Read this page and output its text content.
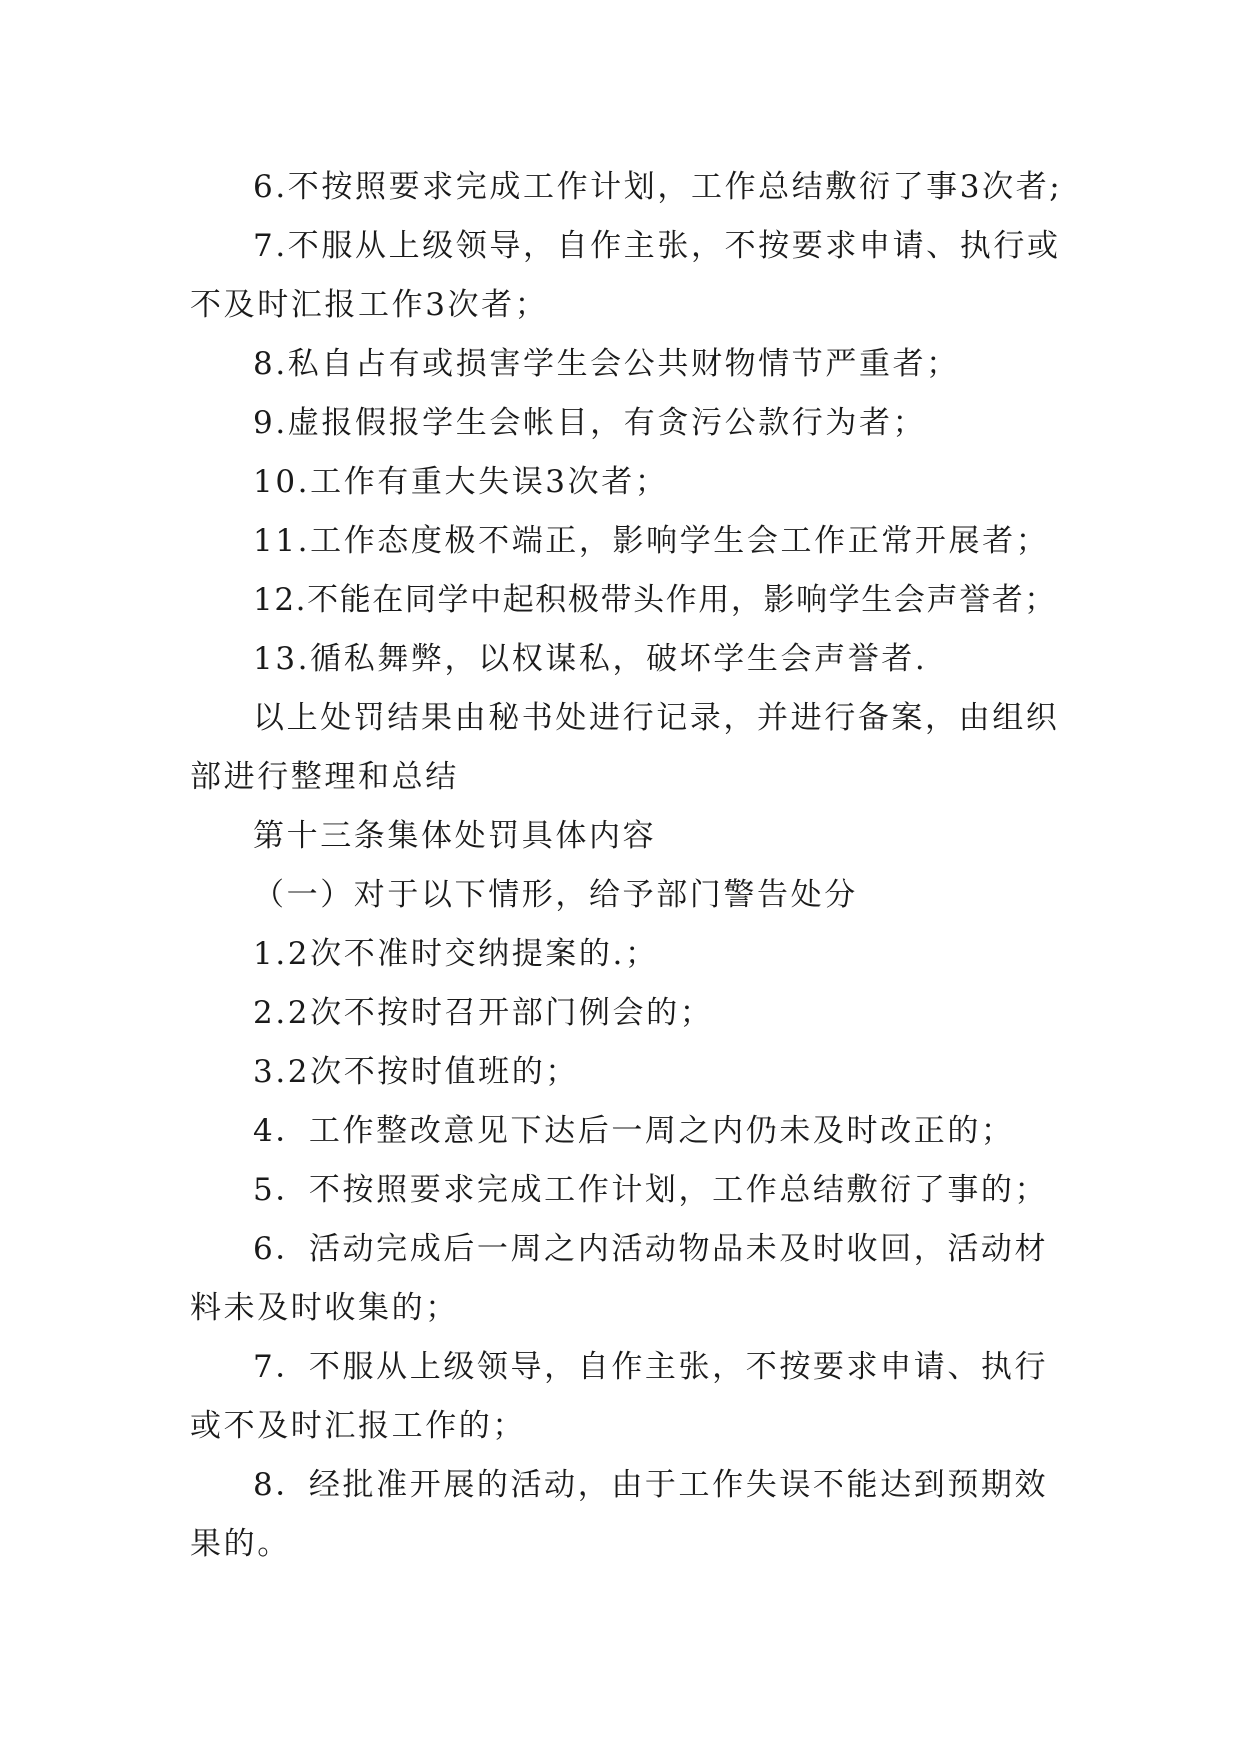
6.不按照要求完成工作计划，工作总结敷衍了事3次者;

7.不服从上级领导，自作主张，不按要求申请、执行或

不及时汇报工作3次者；

8.私自占有或损害学生会公共财物情节严重者；

9.虚报假报学生会帐目，有贪污公款行为者；

10.工作有重大失误3次者；

11.工作态度极不端正，影响学生会工作正常开展者；

12.不能在同学中起积极带头作用，影响学生会声誉者；

13.循私舞弊，以权谋私，破坏学生会声誉者.

以上处罚结果由秘书处进行记录，并进行备案，由组织

部进行整理和总结

第十三条集体处罚具体内容

（一）对于以下情形，给予部门警告处分

1.2次不准时交纳提案的.；

2.2次不按时召开部门例会的；

3.2次不按时值班的；

4．工作整改意见下达后一周之内仍未及时改正的；

5．不按照要求完成工作计划，工作总结敷衍了事的；

6．活动完成后一周之内活动物品未及时收回，活动材

料未及时收集的；

7．不服从上级领导，自作主张，不按要求申请、执行

或不及时汇报工作的；

8．经批准开展的活动，由于工作失误不能达到预期效

果的。
